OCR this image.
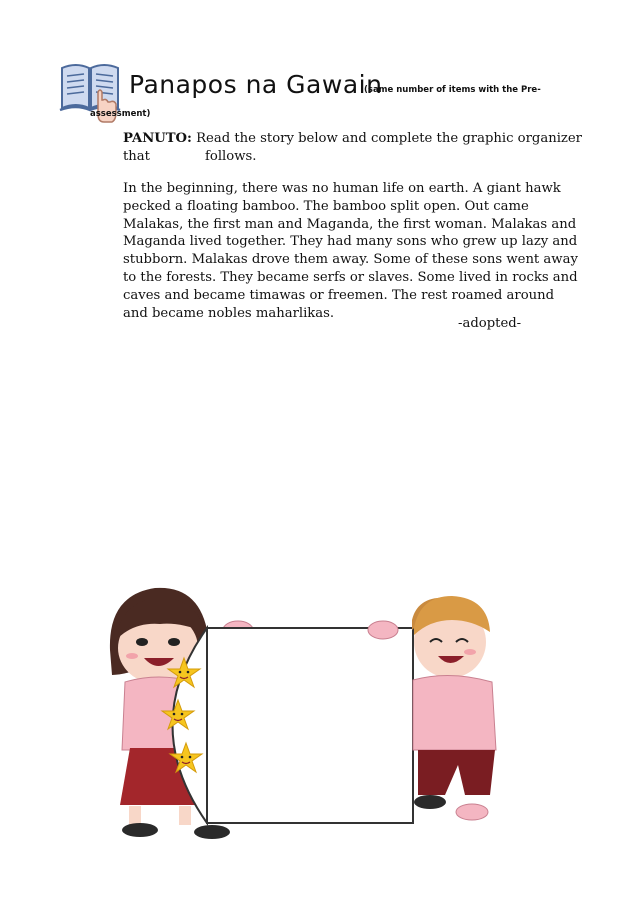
Panapos na Gawain
(same number of items with the Pre-
assessment)
PANUTO: Read the story below and complete the graphic organizer that	follows.

In the beginning, there was no human life on earth. A giant hawk

pecked a floating bamboo. The bamboo split open. Out came

Malakas, the first man and Maganda, the first woman. Malakas and

Maganda lived together. They had many sons who grew up lazy and

stubborn. Malakas drove them away. Some of these sons went away

to the forests. They became serfs or slaves. Some lived in rocks and

caves and became timawas or freemen. The rest roamed around

and became nobles maharlikas.

-adopted-
